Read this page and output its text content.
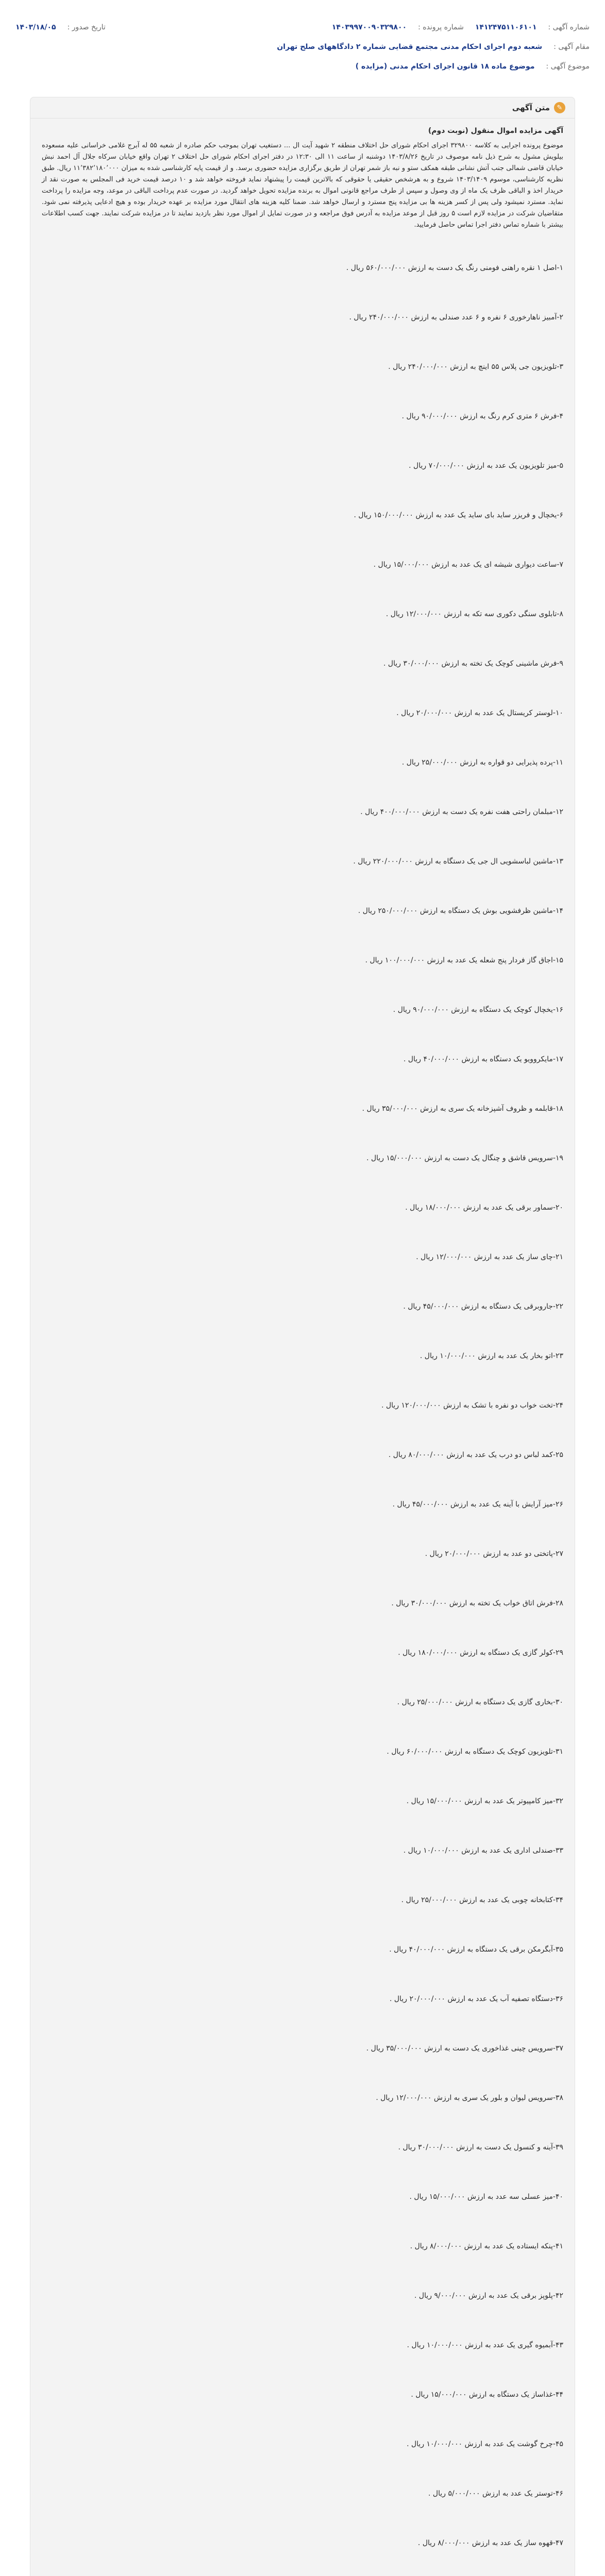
شماره آگهی :
۱۴۱۲۴۷۵۱۱۰۶۱۰۱
شماره پرونده :
۱۴۰۳۹۹۷۰۰۹۰۳۲۹۸۰۰
تاریخ صدور :
۱۴۰۳/۱۸/۰۵
مقام آگهی :
شعبه دوم اجرای احکام مدنی مجتمع قضایی شماره ۲ دادگاههای صلح تهران
موضوع آگهی :
موضوع ماده ۱۸ قانون اجرای احکام مدنی (مزایده )
✎
متن آگهی

آگهی مزایده اموال منقول (نوبت دوم)

موضوع پرونده اجرایی به کلاسه ۳۲۹۸۰۰ اجرای احکام شورای حل اختلاف منطقه ۲ شهید آیت ال ... دستغیب تهران بموجب حکم صادره از شعبه ۵۵ له آبرج غلامی خراسانی علیه مسعوده بیلویش مشول به شرح ذیل نامه موصوف در تاریخ ۱۴۰۳/۸/۲۶ دوشنبه از ساعت ۱۱ الی ۱۲:۳۰ در دفتر اجرای احکام شورای حل اختلاف ۲ تهران واقع خیابان سرکاه جلال آل احمد نبش خیابان قاضی شمالی جنب آتش نشانی طبقه همکف ستو و نبه باز شمر تهران از طریق برگزاری مزایده حضوری برسد. و از قیمت پایه کارشناسی شده به میزان ۱۱٬۳۸۲٬۱۸۰٬۰۰۰ ریال. طبق نظریه کارشناسی، موسوم ۱۴۰۳/۱۴۰۹ شروع و به هرشخص حقیقی یا حقوقی که بالاترین قیمت را پیشنهاد نماید فروخته خواهد شد و ۱۰ درصد قیمت خرید فی المجلس به صورت نقد از خریدار اخذ و الباقی ظرف یک ماه از وی وصول و سپس از طرف مراجع قانونی اموال به برنده مزایده تحویل خواهد گردید. در صورت عدم پرداخت الباقی در موعد، وجه مزایده را پرداخت نماید. مسترد نمیشود ولی پس از کسر هزینه ها بی مزایده پنج مسترد و ارسال خواهد شد. ضمنا کلیه هزینه های انتقال مورد مزایده بر عهده خریدار بوده و هیچ ادعایی پذیرفته نمی شود. متقاضیان شرکت در مزایده لازم است ۵ روز قبل از موعد مزایده به آدرس فوق مراجعه و در صورت تمایل از اموال مورد نظر بازدید نمایند تا در مزایده شرکت نمایند. جهت کسب اطلاعات بیشتر با شماره تماس دفتر اجرا تماس حاصل فرمایید.

۱-اصل ۱ نقره راهنی فومنی رنگ یک دست به ارزش ۵۶۰/۰۰۰/۰۰۰ ریال .
۲-آمبیز ناهارخوری ۶ نفره و ۶ عدد صندلی به ارزش ۲۴۰/۰۰۰/۰۰۰ ریال .
۳-تلویزیون جی پلاس ۵۵ اینچ به ارزش ۲۴۰/۰۰۰/۰۰۰ ریال .
۴-فرش ۶ متری کرم رنگ به ارزش ۹۰/۰۰۰/۰۰۰ ریال .
۵-میز تلویزیون یک عدد به ارزش ۷۰/۰۰۰/۰۰۰ ریال .
۶-یخچال و فریزر ساید بای ساید یک عدد به ارزش ۱۵۰/۰۰۰/۰۰۰ ریال .
۷-ساعت دیواری شیشه ای یک عدد به ارزش ۱۵/۰۰۰/۰۰۰ ریال .
۸-تابلوی سنگی دکوری سه تکه به ارزش ۱۲/۰۰۰/۰۰۰ ریال .
۹-فرش ماشینی کوچک یک تخته به ارزش ۳۰/۰۰۰/۰۰۰ ریال .
۱۰-لوستر کریستال یک عدد به ارزش ۲۰/۰۰۰/۰۰۰ ریال .
۱۱-پرده پذیرایی دو قواره به ارزش ۲۵/۰۰۰/۰۰۰ ریال .
۱۲-مبلمان راحتی هفت نفره یک دست به ارزش ۴۰۰/۰۰۰/۰۰۰ ریال .
۱۳-ماشین لباسشویی ال جی یک دستگاه به ارزش ۲۲۰/۰۰۰/۰۰۰ ریال .
۱۴-ماشین ظرفشویی بوش یک دستگاه به ارزش ۲۵۰/۰۰۰/۰۰۰ ریال .
۱۵-اجاق گاز فردار پنج شعله یک عدد به ارزش ۱۰۰/۰۰۰/۰۰۰ ریال .
۱۶-یخچال کوچک یک دستگاه به ارزش ۹۰/۰۰۰/۰۰۰ ریال .
۱۷-مایکروویو یک دستگاه به ارزش ۴۰/۰۰۰/۰۰۰ ریال .
۱۸-قابلمه و ظروف آشپزخانه یک سری به ارزش ۳۵/۰۰۰/۰۰۰ ریال .
۱۹-سرویس قاشق و چنگال یک دست به ارزش ۱۵/۰۰۰/۰۰۰ ریال .
۲۰-سماور برقی یک عدد به ارزش ۱۸/۰۰۰/۰۰۰ ریال .
۲۱-چای ساز یک عدد به ارزش ۱۲/۰۰۰/۰۰۰ ریال .
۲۲-جاروبرقی یک دستگاه به ارزش ۴۵/۰۰۰/۰۰۰ ریال .
۲۳-اتو بخار یک عدد به ارزش ۱۰/۰۰۰/۰۰۰ ریال .
۲۴-تخت خواب دو نفره با تشک به ارزش ۱۲۰/۰۰۰/۰۰۰ ریال .
۲۵-کمد لباس دو درب یک عدد به ارزش ۸۰/۰۰۰/۰۰۰ ریال .
۲۶-میز آرایش با آینه یک عدد به ارزش ۴۵/۰۰۰/۰۰۰ ریال .
۲۷-پاتختی دو عدد به ارزش ۲۰/۰۰۰/۰۰۰ ریال .
۲۸-فرش اتاق خواب یک تخته به ارزش ۳۰/۰۰۰/۰۰۰ ریال .
۲۹-کولر گازی یک دستگاه به ارزش ۱۸۰/۰۰۰/۰۰۰ ریال .
۳۰-بخاری گازی یک دستگاه به ارزش ۲۵/۰۰۰/۰۰۰ ریال .
۳۱-تلویزیون کوچک یک دستگاه به ارزش ۶۰/۰۰۰/۰۰۰ ریال .
۳۲-میز کامپیوتر یک عدد به ارزش ۱۵/۰۰۰/۰۰۰ ریال .
۳۳-صندلی اداری یک عدد به ارزش ۱۰/۰۰۰/۰۰۰ ریال .
۳۴-کتابخانه چوبی یک عدد به ارزش ۲۵/۰۰۰/۰۰۰ ریال .
۳۵-آبگرمکن برقی یک دستگاه به ارزش ۴۰/۰۰۰/۰۰۰ ریال .
۳۶-دستگاه تصفیه آب یک عدد به ارزش ۲۰/۰۰۰/۰۰۰ ریال .
۳۷-سرویس چینی غذاخوری یک دست به ارزش ۳۵/۰۰۰/۰۰۰ ریال .
۳۸-سرویس لیوان و بلور یک سری به ارزش ۱۲/۰۰۰/۰۰۰ ریال .
۳۹-آینه و کنسول یک دست به ارزش ۳۰/۰۰۰/۰۰۰ ریال .
۴۰-میز عسلی سه عدد به ارزش ۱۵/۰۰۰/۰۰۰ ریال .
۴۱-پنکه ایستاده یک عدد به ارزش ۸/۰۰۰/۰۰۰ ریال .
۴۲-پلوپز برقی یک عدد به ارزش ۹/۰۰۰/۰۰۰ ریال .
۴۳-آبمیوه گیری یک عدد به ارزش ۱۰/۰۰۰/۰۰۰ ریال .
۴۴-غذاساز یک دستگاه به ارزش ۱۵/۰۰۰/۰۰۰ ریال .
۴۵-چرخ گوشت یک عدد به ارزش ۱۰/۰۰۰/۰۰۰ ریال .
۴۶-توستر یک عدد به ارزش ۵/۰۰۰/۰۰۰ ریال .
۴۷-قهوه ساز یک عدد به ارزش ۸/۰۰۰/۰۰۰ ریال .
